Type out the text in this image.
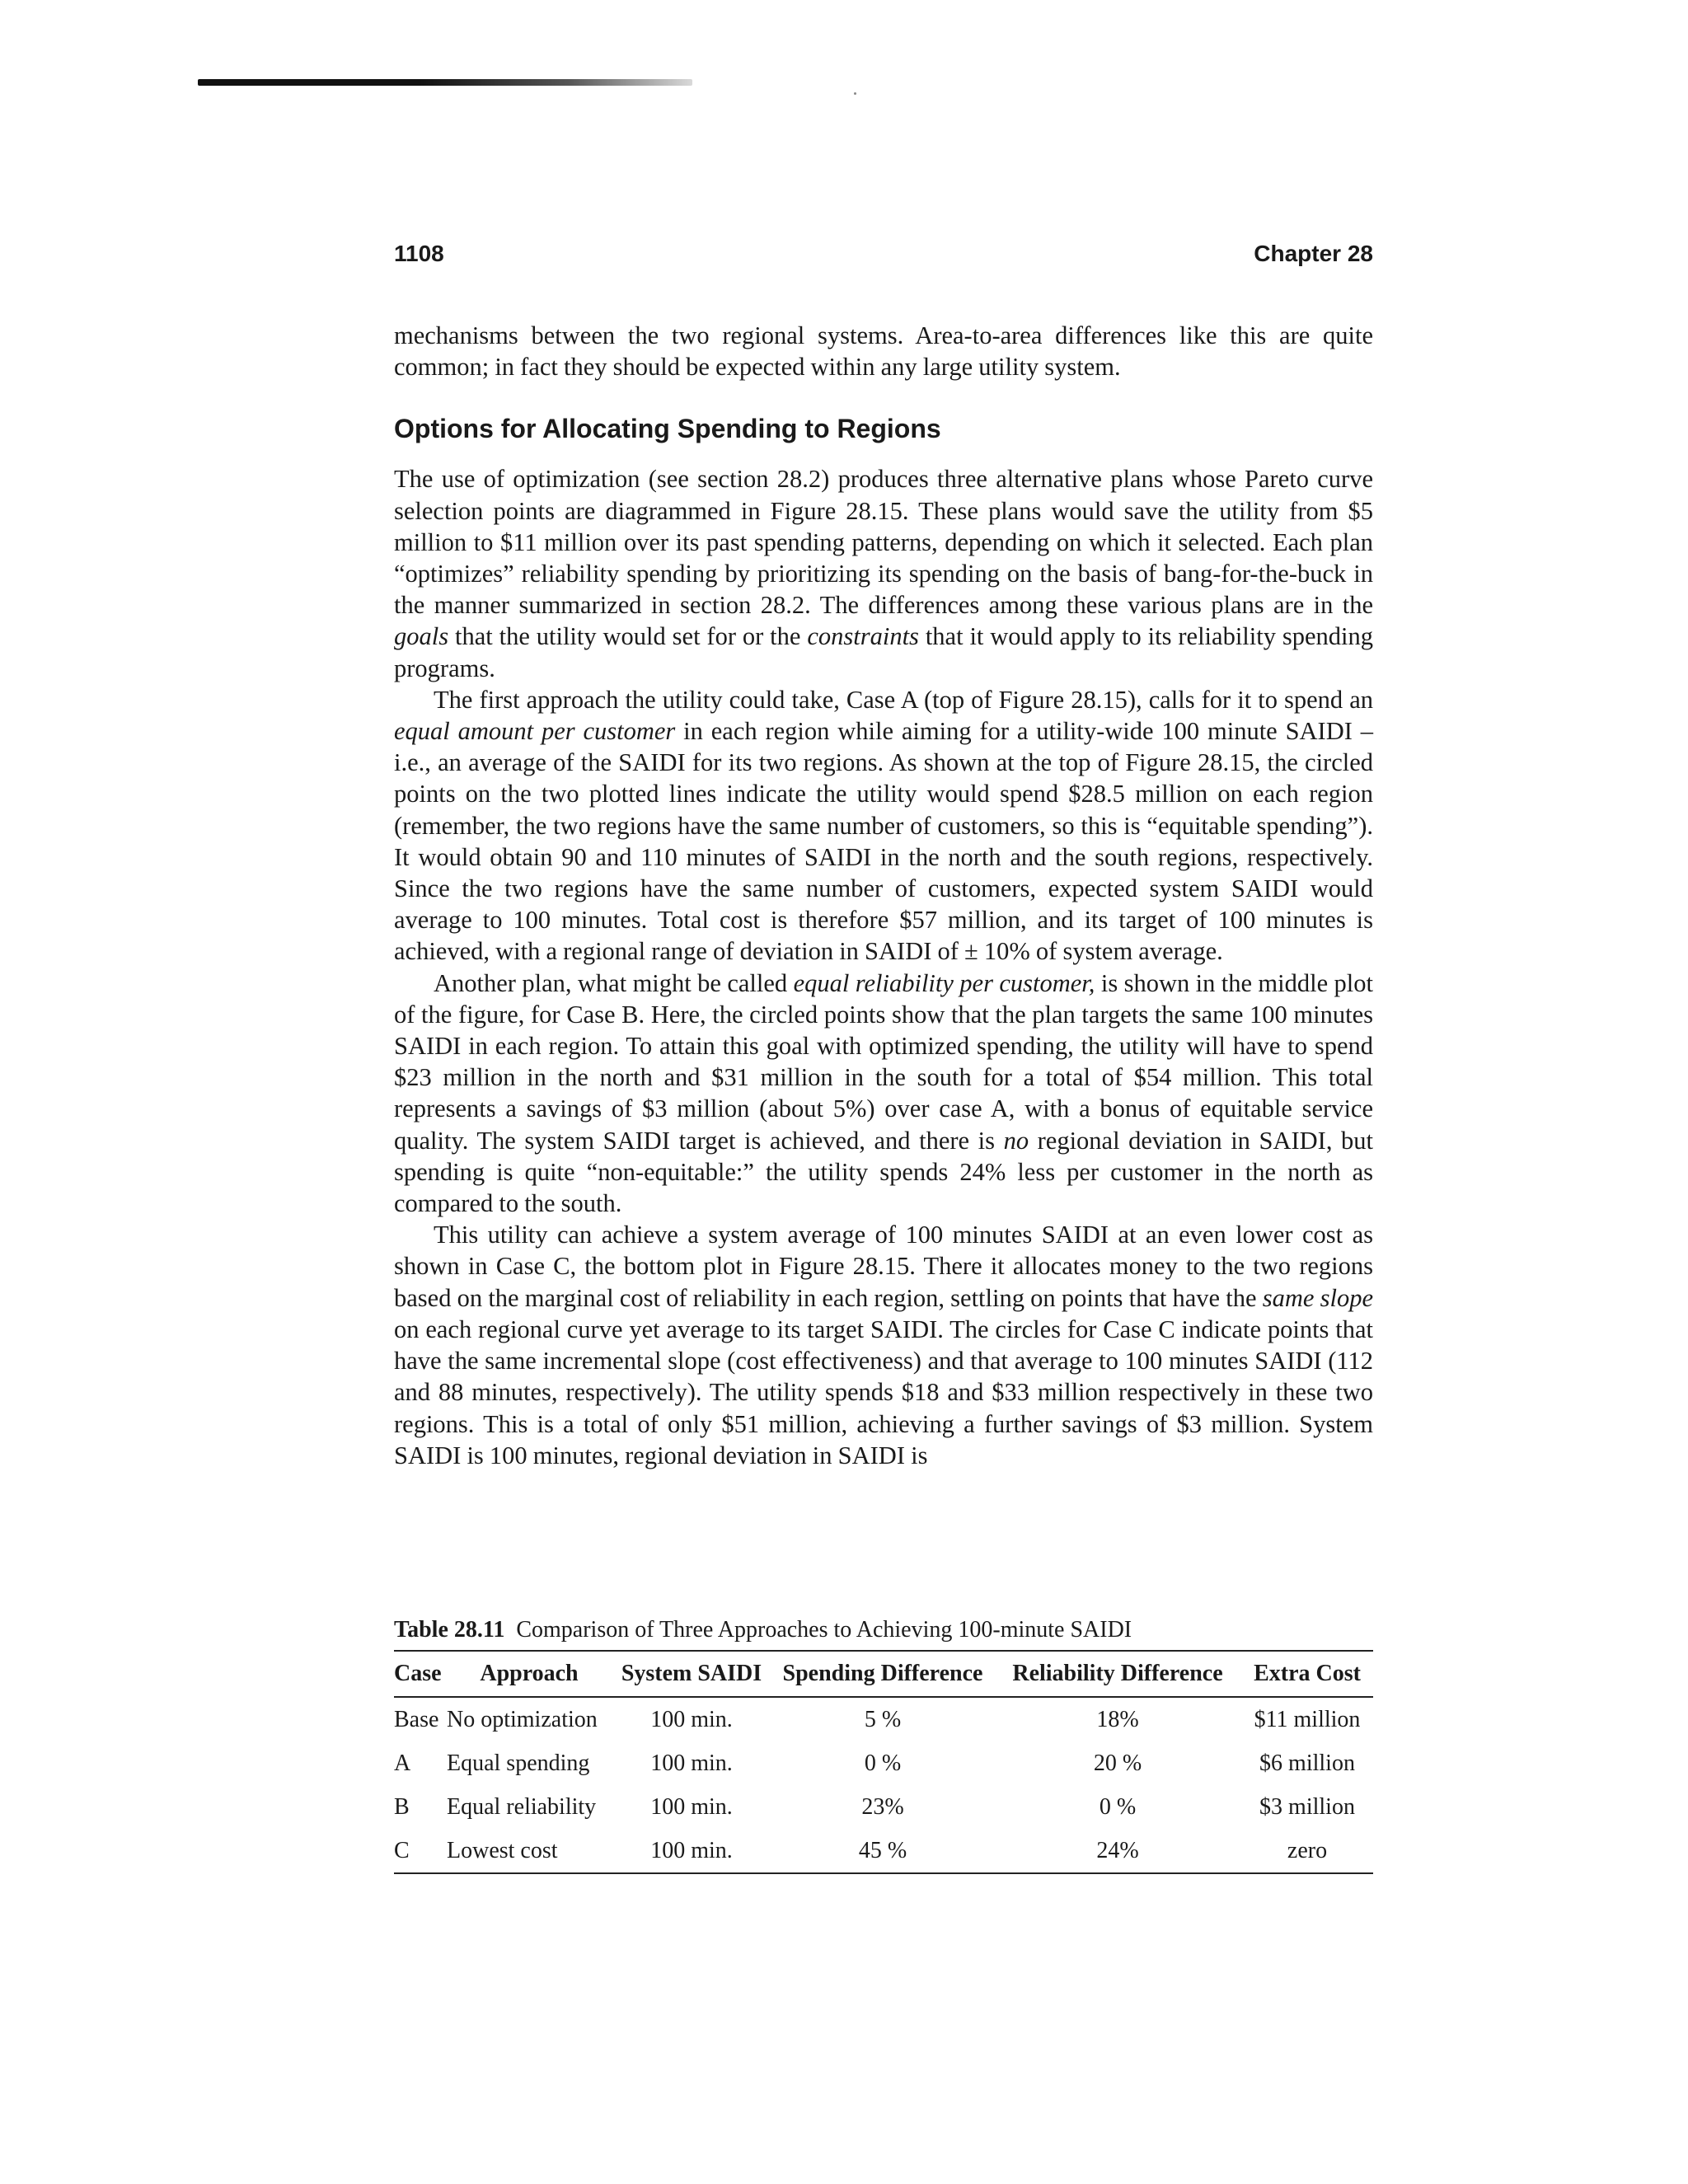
1108	Chapter 28

mechanisms between the two regional systems. Area-to-area differences like this are quite common; in fact they should be expected within any large utility system.

Options for Allocating Spending to Regions

The use of optimization (see section 28.2) produces three alternative plans whose Pareto curve selection points are diagrammed in Figure 28.15. These plans would save the utility from $5 million to $11 million over its past spending patterns, depending on which it selected. Each plan “optimizes” reliability spending by prioritizing its spending on the basis of bang-for-the-buck in the manner summarized in section 28.2. The differences among these various plans are in the goals that the utility would set for or the constraints that it would apply to its reliability spending programs.

The first approach the utility could take, Case A (top of Figure 28.15), calls for it to spend an equal amount per customer in each region while aiming for a utility-wide 100 minute SAIDI – i.e., an average of the SAIDI for its two regions. As shown at the top of Figure 28.15, the circled points on the two plotted lines indicate the utility would spend $28.5 million on each region (remember, the two regions have the same number of customers, so this is “equitable spending”). It would obtain 90 and 110 minutes of SAIDI in the north and the south regions, respectively. Since the two regions have the same number of customers, expected system SAIDI would average to 100 minutes. Total cost is therefore $57 million, and its target of 100 minutes is achieved, with a regional range of deviation in SAIDI of ± 10% of system average.

Another plan, what might be called equal reliability per customer, is shown in the middle plot of the figure, for Case B. Here, the circled points show that the plan targets the same 100 minutes SAIDI in each region. To attain this goal with optimized spending, the utility will have to spend $23 million in the north and $31 million in the south for a total of $54 million. This total represents a savings of $3 million (about 5%) over case A, with a bonus of equitable service quality. The system SAIDI target is achieved, and there is no regional deviation in SAIDI, but spending is quite “non-equitable:” the utility spends 24% less per customer in the north as compared to the south.

This utility can achieve a system average of 100 minutes SAIDI at an even lower cost as shown in Case C, the bottom plot in Figure 28.15. There it allocates money to the two regions based on the marginal cost of reliability in each region, settling on points that have the same slope on each regional curve yet average to its target SAIDI. The circles for Case C indicate points that have the same incremental slope (cost effectiveness) and that average to 100 minutes SAIDI (112 and 88 minutes, respectively). The utility spends $18 and $33 million respectively in these two regions. This is a total of only $51 million, achieving a further savings of $3 million. System SAIDI is 100 minutes, regional deviation in SAIDI is

Table 28.11 Comparison of Three Approaches to Achieving 100-minute SAIDI
Case	Approach	System SAIDI	Spending Difference	Reliability Difference	Extra Cost
Base	No optimization	100 min.	5 %	18%	$11 million
A	Equal spending	100 min.	0 %	20 %	$6 million
B	Equal reliability	100 min.	23%	0 %	$3 million
C	Lowest cost	100 min.	45 %	24%	zero
